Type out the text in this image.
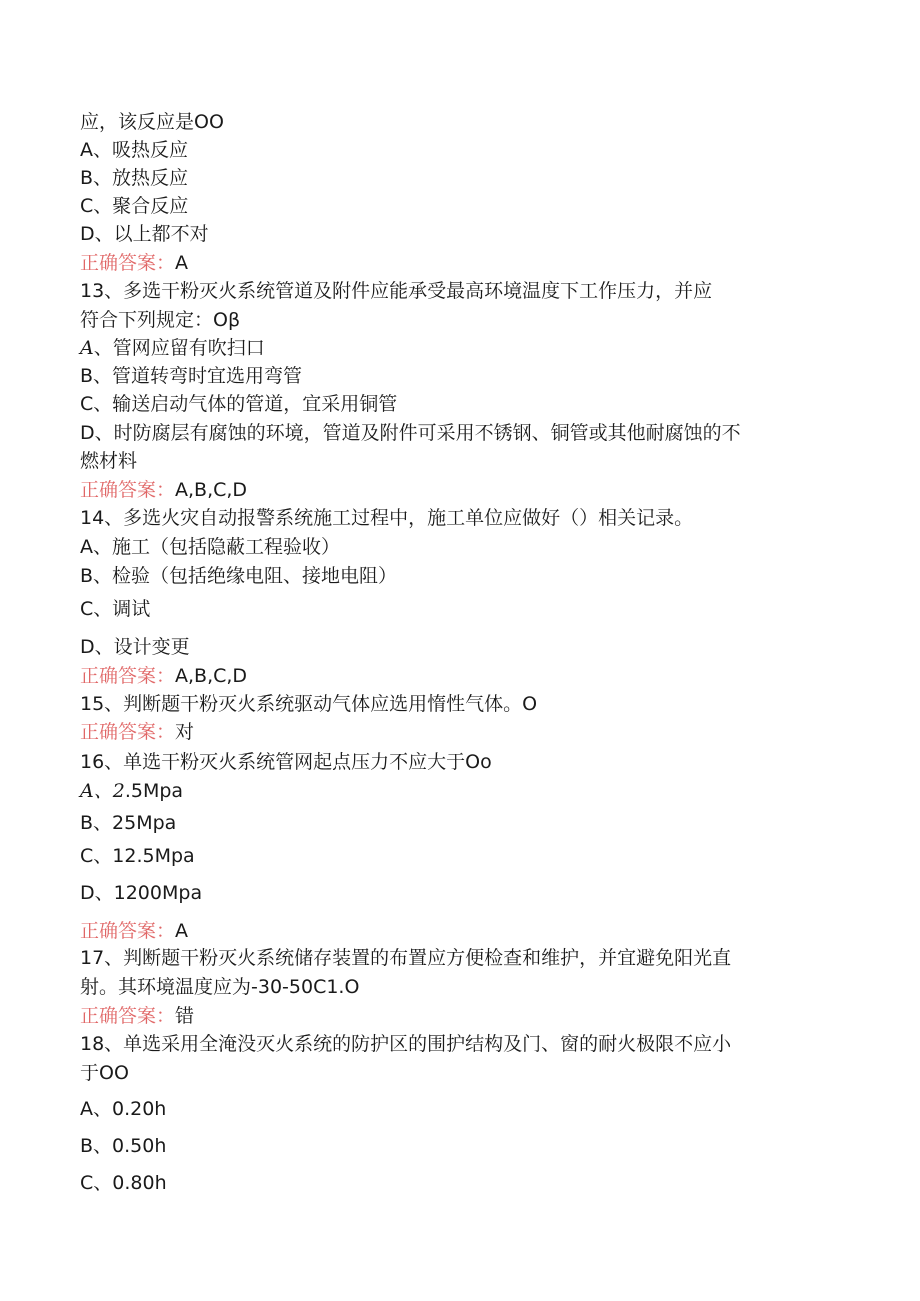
应，该反应是OO
A、吸热反应
B、放热反应
C、聚合反应
D、以上都不对
正确答案：A
13、多选干粉灭火系统管道及附件应能承受最高环境温度下工作压力，并应
符合下列规定：Oβ
A、管网应留有吹扫口
B、管道转弯时宜选用弯管
C、输送启动气体的管道，宜采用铜管
D、时防腐层有腐蚀的环境，管道及附件可采用不锈钢、铜管或其他耐腐蚀的不
燃材料
正确答案：A,B,C,D
14、多选火灾自动报警系统施工过程中，施工单位应做好（）相关记录。
A、施工（包括隐蔽工程验收）
B、检验（包括绝缘电阻、接地电阻）
C、调试
D、设计变更
正确答案：A,B,C,D
15、判断题干粉灭火系统驱动气体应选用惰性气体。O
正确答案：对
16、单选干粉灭火系统管网起点压力不应大于Oo
A、2.5Mpa
B、25Mpa
C、12.5Mpa
D、1200Mpa
正确答案：A
17、判断题干粉灭火系统储存装置的布置应方便检查和维护，并宜避免阳光直
射。其环境温度应为-30-50C1.O
正确答案：错
18、单选采用全淹没灭火系统的防护区的围护结构及门、窗的耐火极限不应小
于OO
A、0.20h
B、0.50h
C、0.80h
